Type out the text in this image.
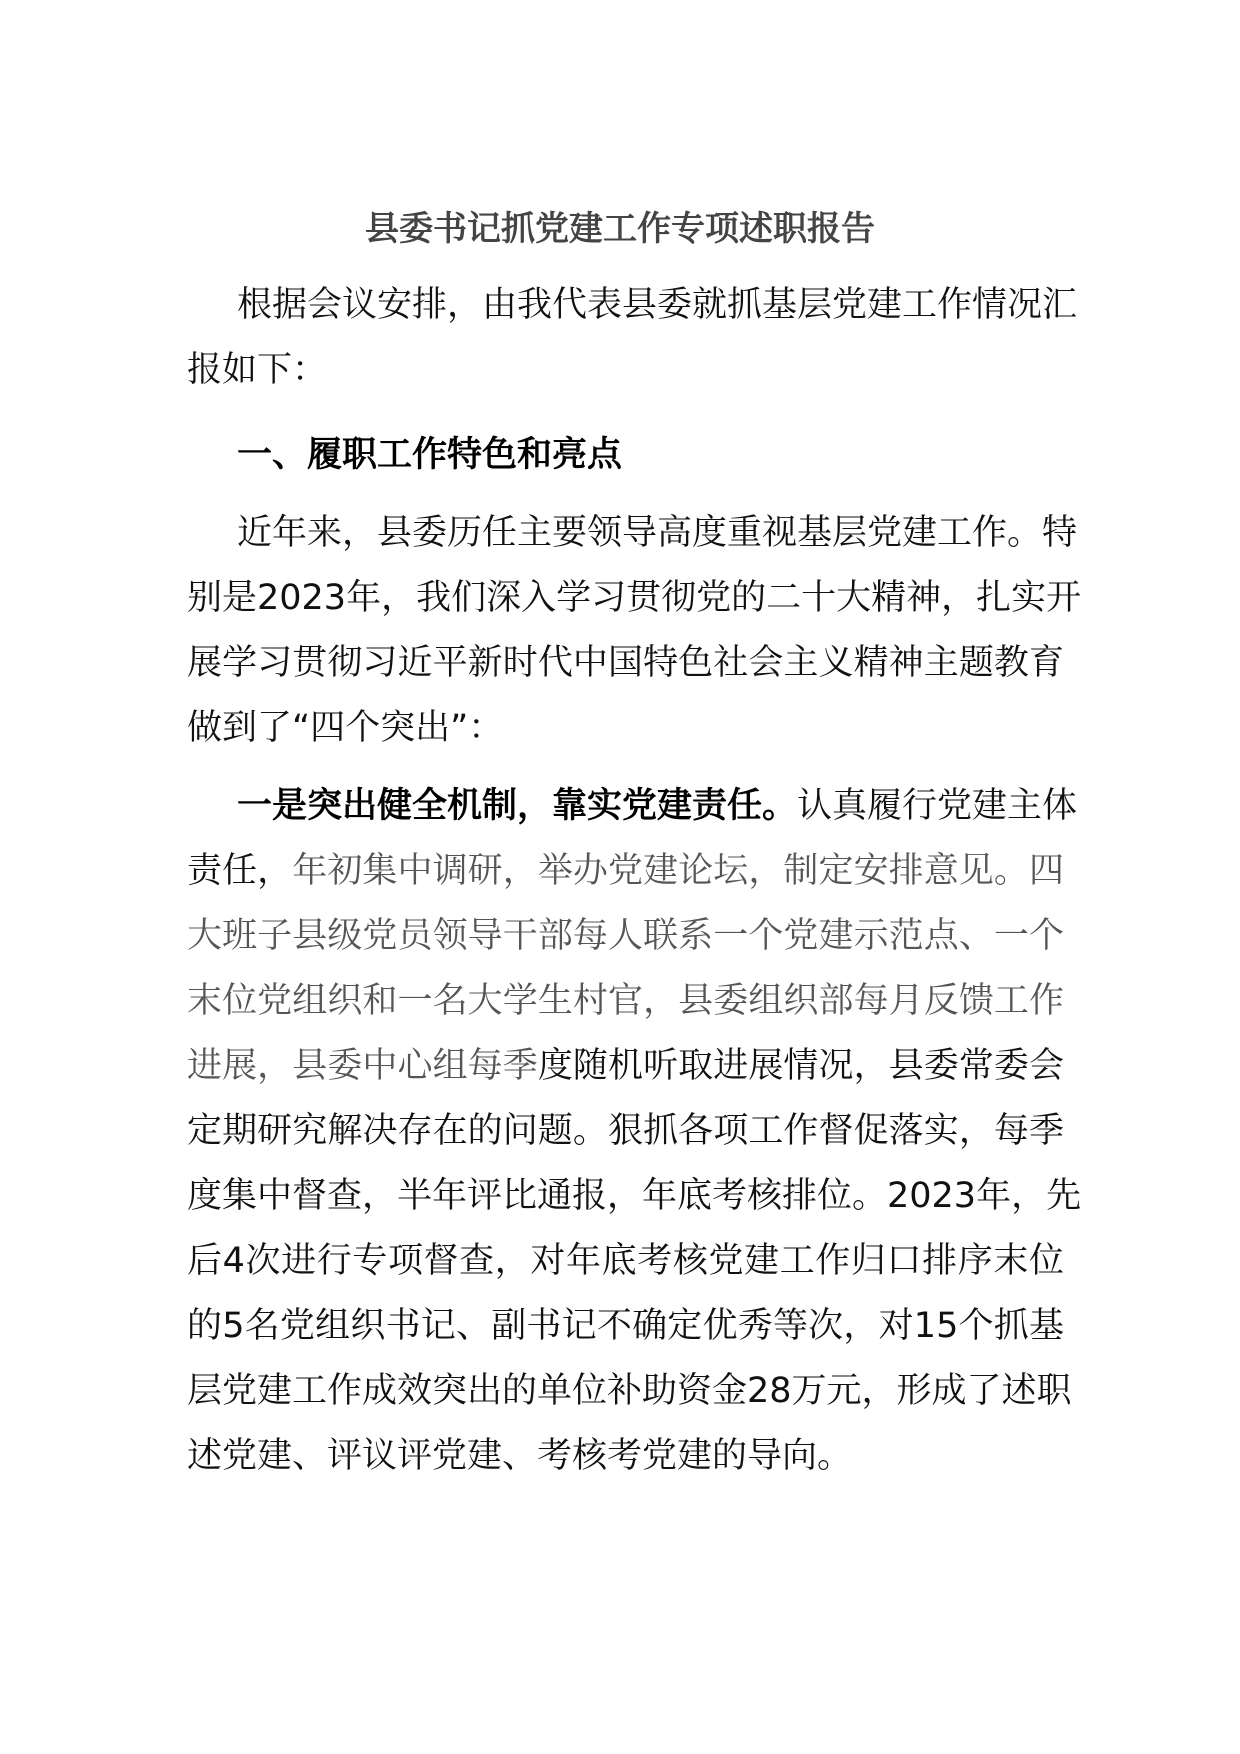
县委书记抓党建工作专项述职报告
根据会议安排，由我代表县委就抓基层党建工作情况汇
报如下：
一、履职工作特色和亮点
近年来，县委历任主要领导高度重视基层党建工作。特
别是2023年，我们深入学习贯彻党的二十大精神，扎实开
展学习贯彻习近平新时代中国特色社会主义精神主题教育
做到了“四个突出”：
一是突出健全机制，靠实党建责任。认真履行党建主体
责任，年初集中调研，举办党建论坛，制定安排意见。四
大班子县级党员领导干部每人联系一个党建示范点、一个
末位党组织和一名大学生村官，县委组织部每月反馈工作
进展，县委中心组每季度随机听取进展情况，县委常委会
定期研究解决存在的问题。狠抓各项工作督促落实，每季
度集中督查，半年评比通报，年底考核排位。2023年，先
后4次进行专项督查，对年底考核党建工作归口排序末位
的5名党组织书记、副书记不确定优秀等次，对15个抓基
层党建工作成效突出的单位补助资金28万元，形成了述职
述党建、评议评党建、考核考党建的导向。
